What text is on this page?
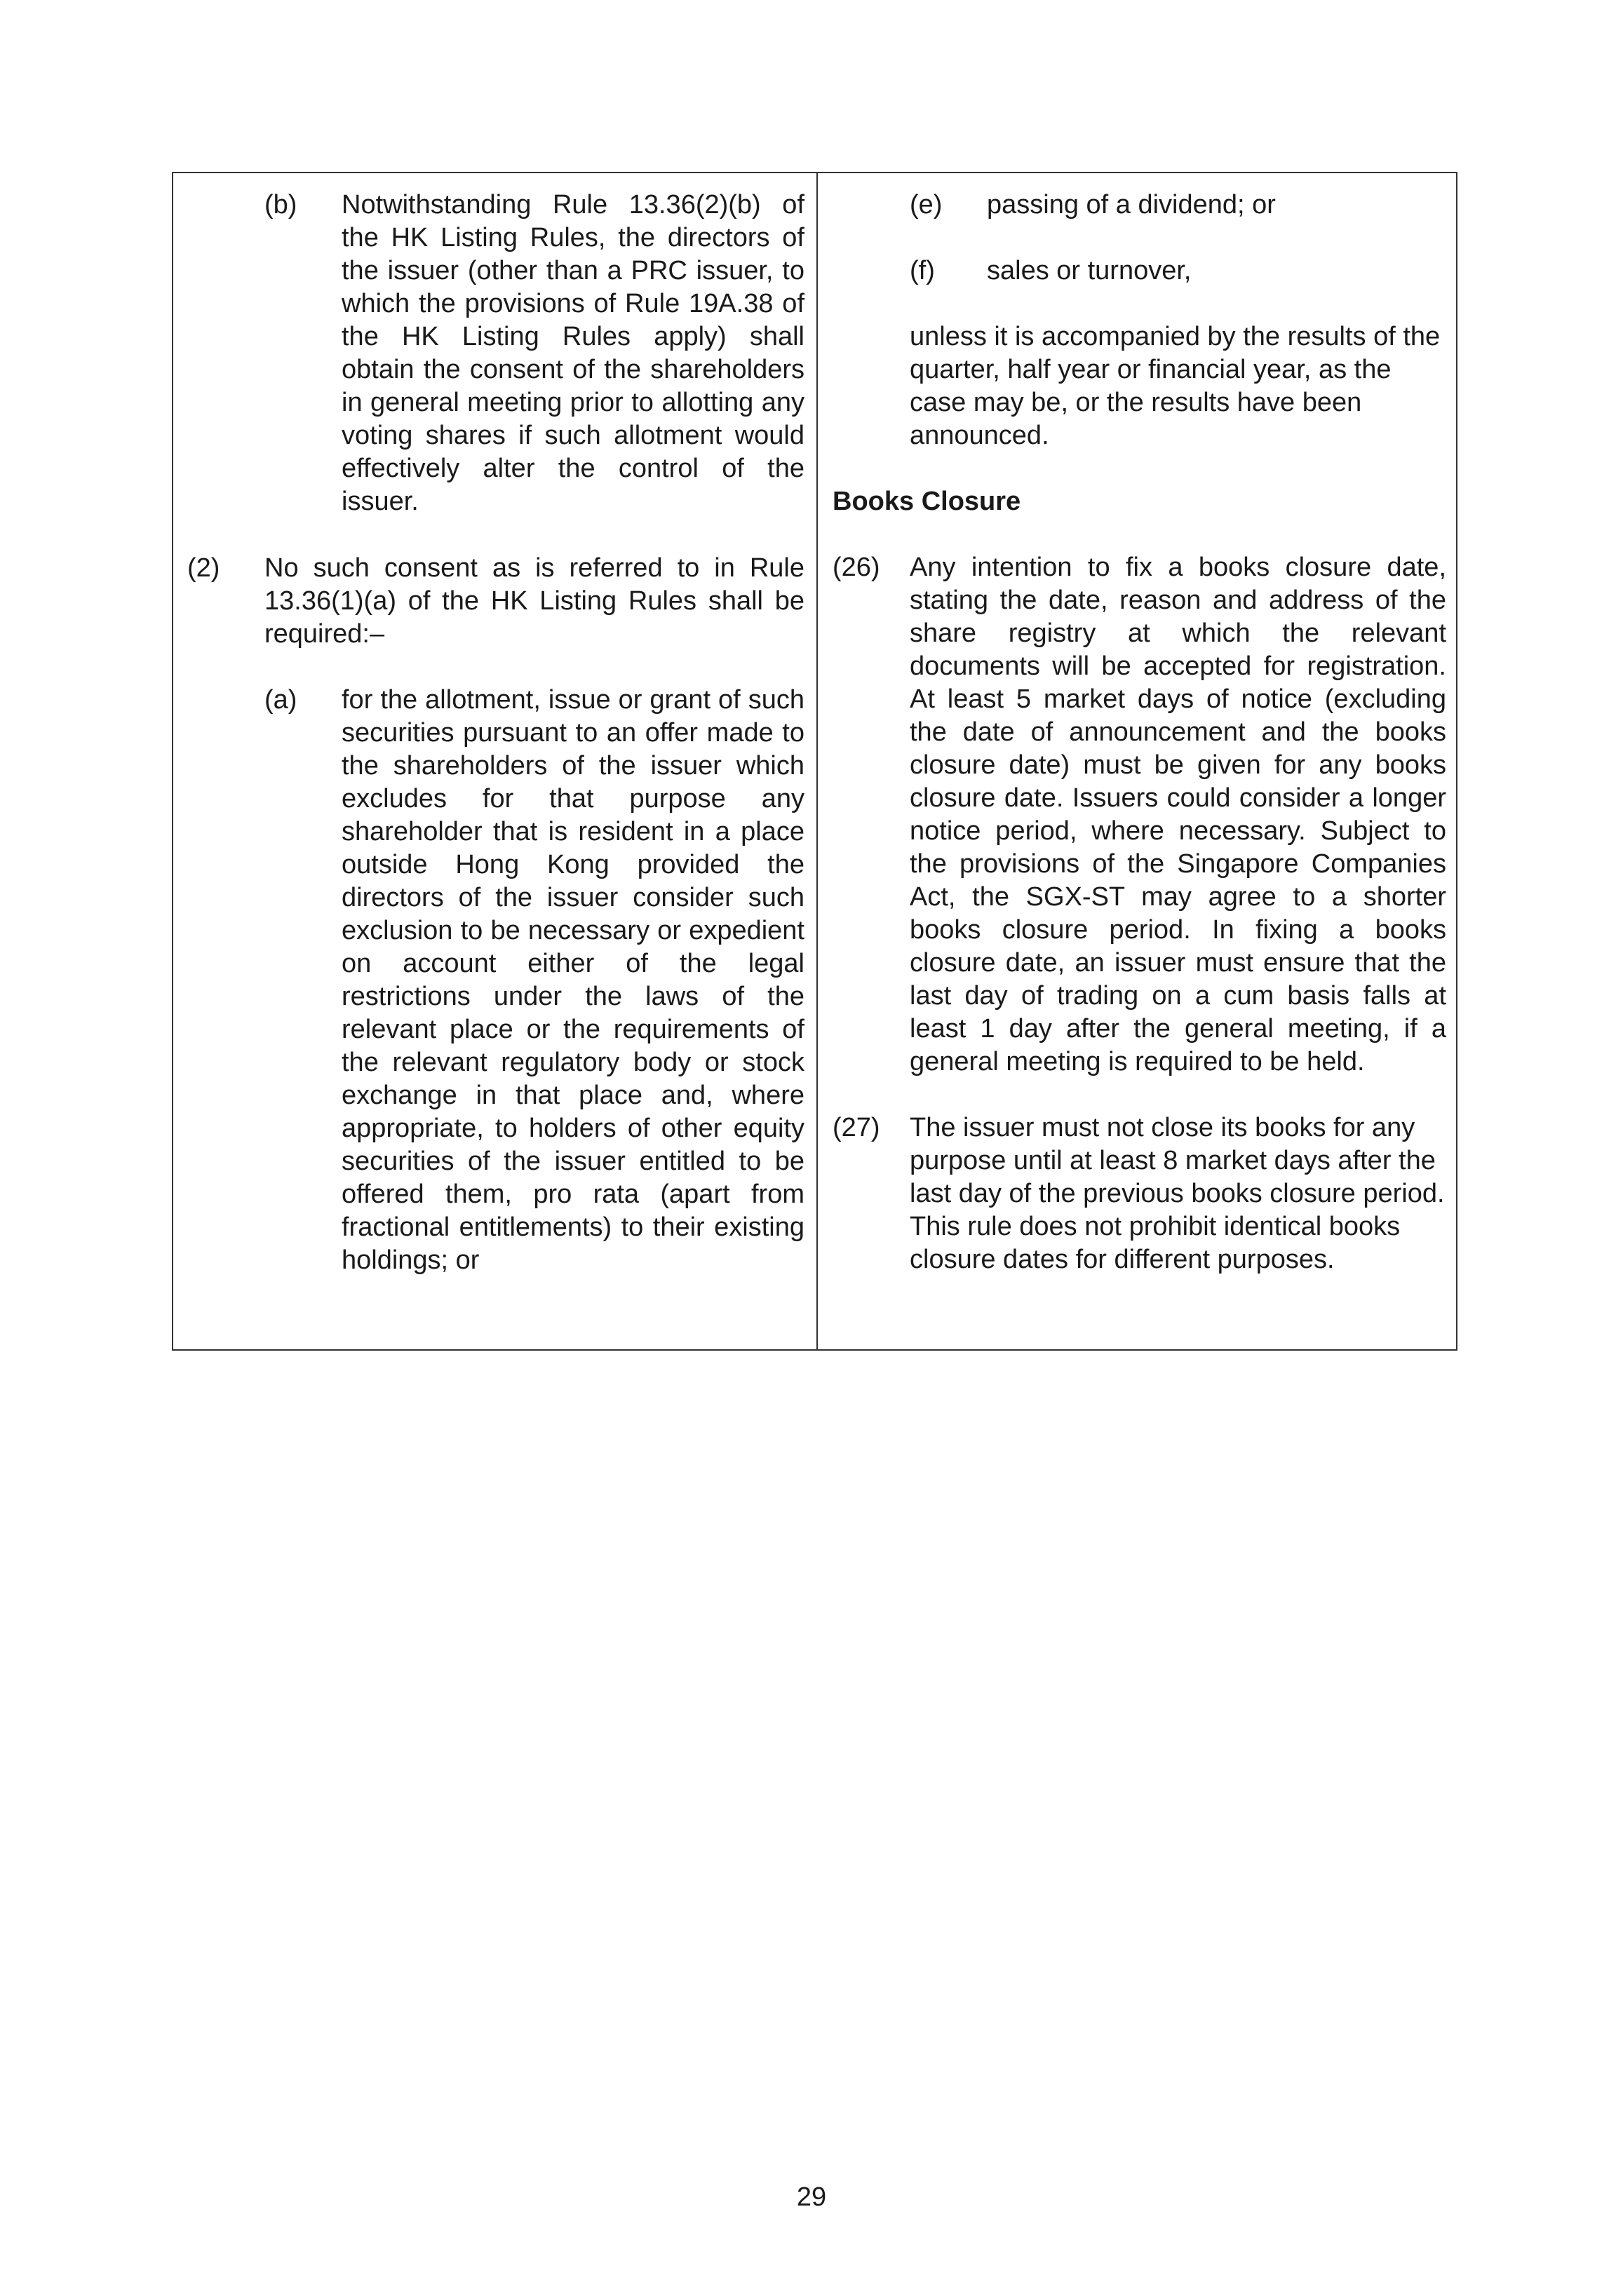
(b)	Notwithstanding Rule 13.36(2)(b) of the HK Listing Rules, the directors of the issuer (other than a PRC issuer, to which the provisions of Rule 19A.38 of the HK Listing Rules apply) shall obtain the consent of the shareholders in general meeting prior to allotting any voting shares if such allotment would effectively alter the control of the issuer.
(2)	No such consent as is referred to in Rule 13.36(1)(a) of the HK Listing Rules shall be required:–
(a)	for the allotment, issue or grant of such securities pursuant to an offer made to the shareholders of the issuer which excludes for that purpose any shareholder that is resident in a place outside Hong Kong provided the directors of the issuer consider such exclusion to be necessary or expedient on account either of the legal restrictions under the laws of the relevant place or the requirements of the relevant regulatory body or stock exchange in that place and, where appropriate, to holders of other equity securities of the issuer entitled to be offered them, pro rata (apart from fractional entitlements) to their existing holdings; or
(e)	passing of a dividend; or
(f)	sales or turnover,
unless it is accompanied by the results of the quarter, half year or financial year, as the case may be, or the results have been announced.
Books Closure
(26)	Any intention to fix a books closure date, stating the date, reason and address of the share registry at which the relevant documents will be accepted for registration. At least 5 market days of notice (excluding the date of announcement and the books closure date) must be given for any books closure date. Issuers could consider a longer notice period, where necessary. Subject to the provisions of the Singapore Companies Act, the SGX-ST may agree to a shorter books closure period. In fixing a books closure date, an issuer must ensure that the last day of trading on a cum basis falls at least 1 day after the general meeting, if a general meeting is required to be held.
(27)	The issuer must not close its books for any purpose until at least 8 market days after the last day of the previous books closure period. This rule does not prohibit identical books closure dates for different purposes.
29
